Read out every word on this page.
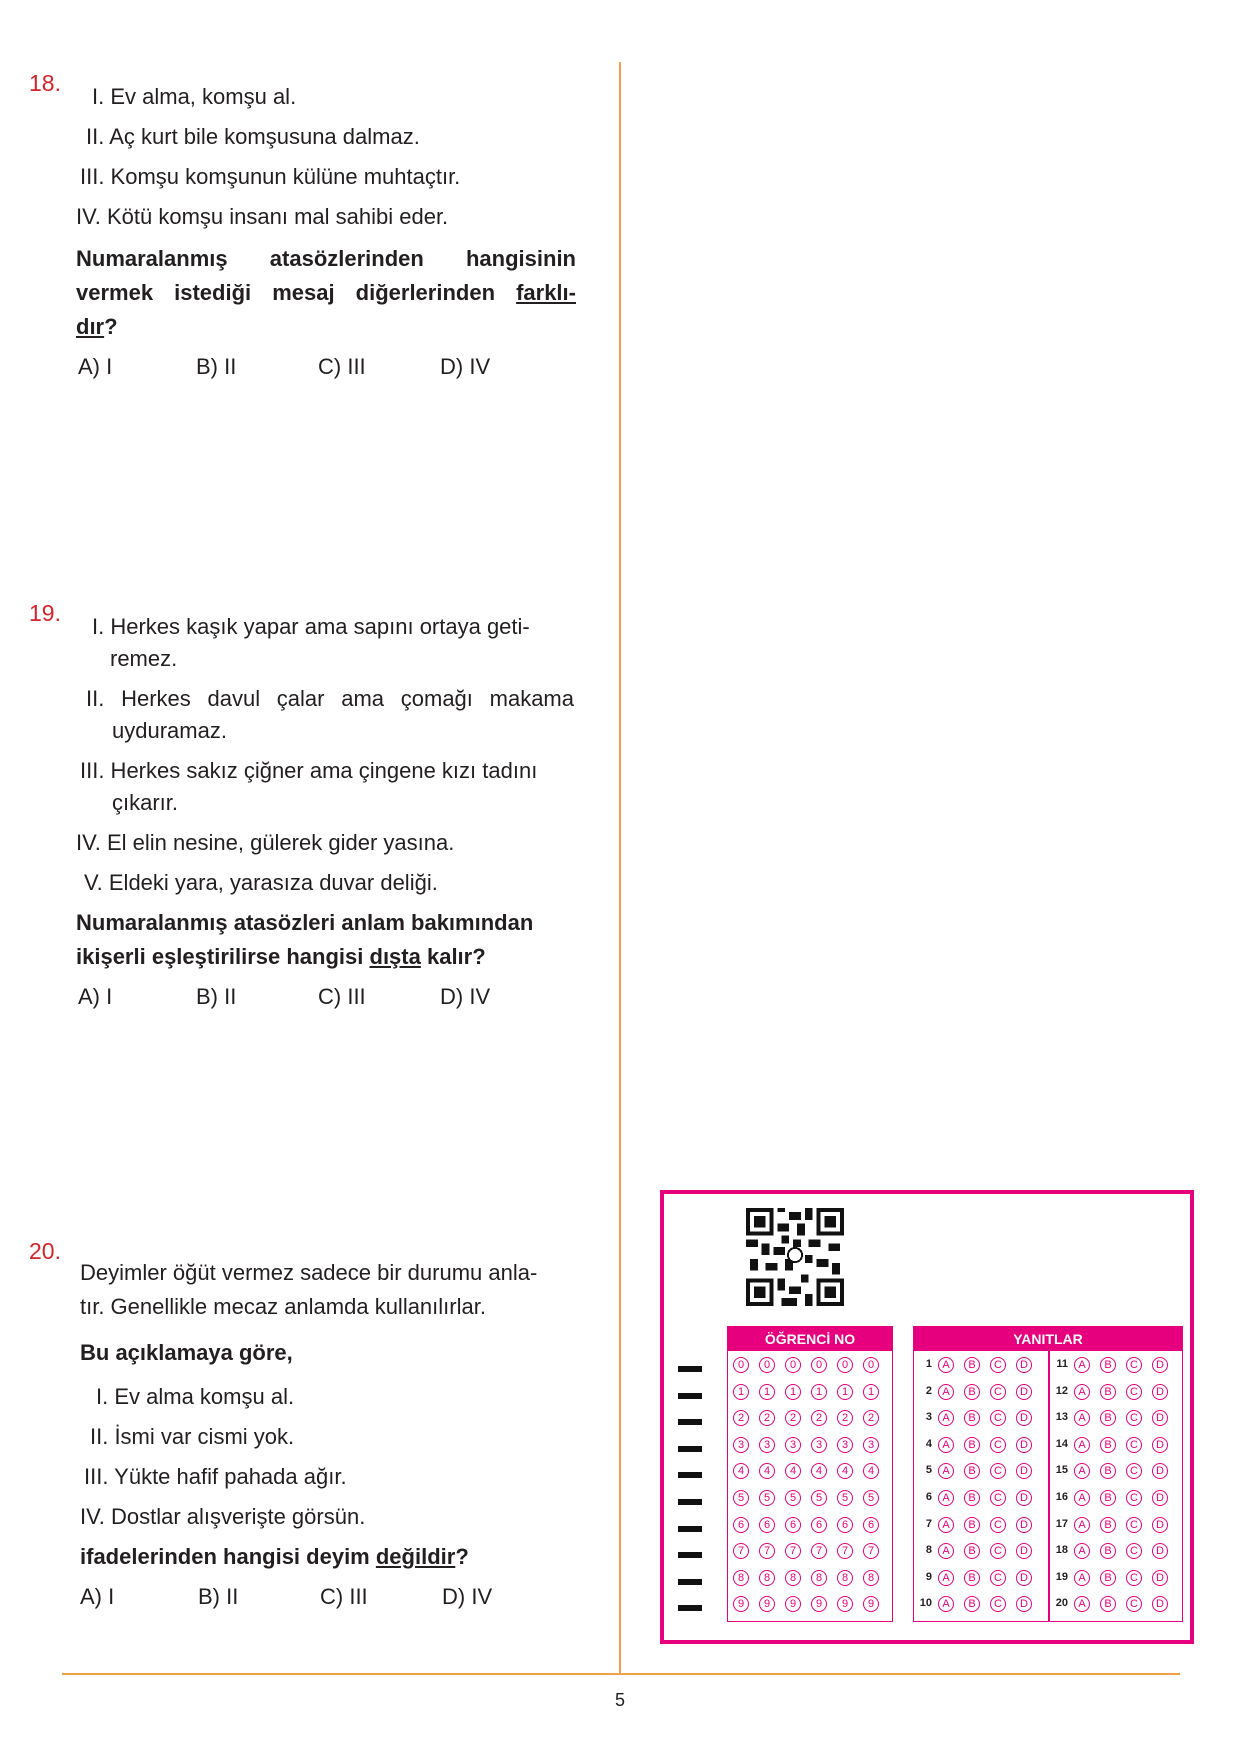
18.
I. Ev alma, komşu al.
II. Aç kurt bile komşusuna dalmaz.
III. Komşu komşunun külüne muhtaçtır.
IV. Kötü komşu insanı mal sahibi eder.
Numaralanmış atasözlerinden hangisinin
vermek istediği mesaj diğerlerinden farklı-
dır?
A) I	B) II	C) III	D) IV
19.
I. Herkes kaşık yapar ama sapını ortaya geti-
remez.
II. Herkes davul çalar ama çomağı makama
uyduramaz.
III. Herkes sakız çiğner ama çingene kızı tadını
çıkarır.
IV. El elin nesine, gülerek gider yasına.
V. Eldeki yara, yarasıza duvar deliği.
Numaralanmış atasözleri anlam bakımından
ikişerli eşleştirilirse hangisi dışta kalır?
A) I	B) II	C) III	D) IV
20.
Deyimler öğüt vermez sadece bir durumu anla-
tır. Genellikle mecaz anlamda kullanılırlar.
Bu açıklamaya göre,
I. Ev alma komşu al.
II. İsmi var cismi yok.
III. Yükte hafif pahada ağır.
IV. Dostlar alışverişte görsün.
ifadelerinden hangisi deyim değildir?
A) I	B) II	C) III	D) IV
ÖĞRENCİ NO
0	0	0	0	0	0
1	1	1	1	1	1
2	2	2	2	2	2
3	3	3	3	3	3
4	4	4	4	4	4
5	5	5	5	5	5
6	6	6	6	6	6
7	7	7	7	7	7
8	8	8	8	8	8
9	9	9	9	9	9
YANITLAR
1 A	B	C	D
2 A	B	C	D
3 A	B	C	D
4 A	B	C	D
5 A	B	C	D
6 A	B	C	D
7 A	B	C	D
8 A	B	C	D
9 A	B	C	D
10 A	B	C	D
11 A	B	C	D
12 A	B	C	D
13 A	B	C	D
14 A	B	C	D
15 A	B	C	D
16 A	B	C	D
17 A	B	C	D
18 A	B	C	D
19 A	B	C	D
20 A	B	C	D
5
